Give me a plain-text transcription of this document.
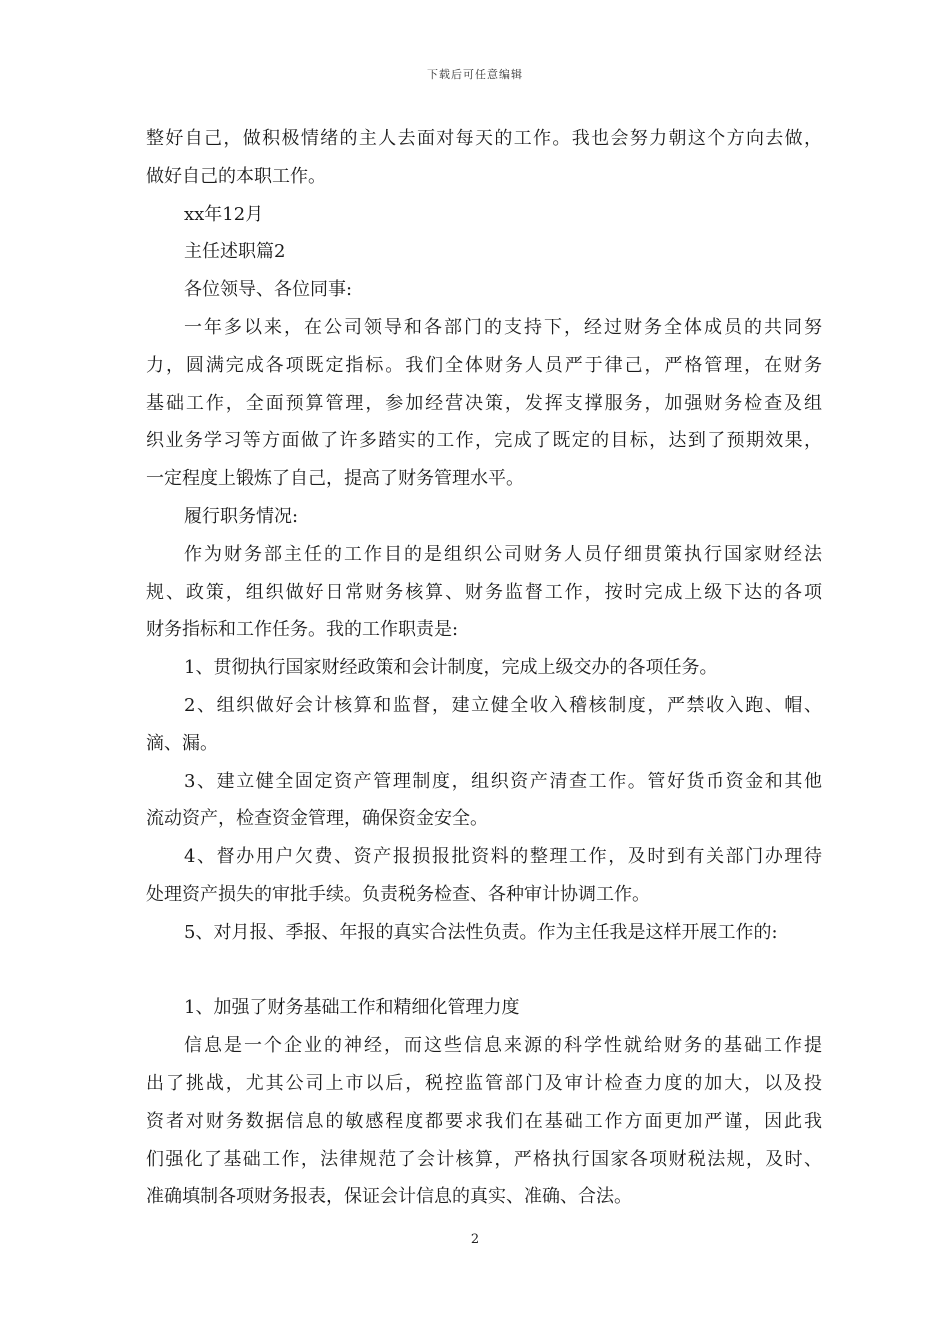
下载后可任意编辑
整好自己，做积极情绪的主人去面对每天的工作。我也会努力朝这个方向去做，
做好自己的本职工作。
xx年12月
主任述职篇2
各位领导、各位同事:
一年多以来，在公司领导和各部门的支持下，经过财务全体成员的共同努
力，圆满完成各项既定指标。我们全体财务人员严于律己，严格管理，在财务
基础工作，全面预算管理，参加经营决策，发挥支撑服务，加强财务检查及组
织业务学习等方面做了许多踏实的工作，完成了既定的目标，达到了预期效果，
一定程度上锻炼了自己，提高了财务管理水平。
履行职务情况:
作为财务部主任的工作目的是组织公司财务人员仔细贯策执行国家财经法
规、政策，组织做好日常财务核算、财务监督工作，按时完成上级下达的各项
财务指标和工作任务。我的工作职责是:
1、贯彻执行国家财经政策和会计制度，完成上级交办的各项任务。
2、组织做好会计核算和监督，建立健全收入稽核制度，严禁收入跑、帽、
滴、漏。
3、建立健全固定资产管理制度，组织资产清查工作。管好货币资金和其他
流动资产，检查资金管理，确保资金安全。
4、督办用户欠费、资产报损报批资料的整理工作，及时到有关部门办理待
处理资产损失的审批手续。负责税务检查、各种审计协调工作。
5、对月报、季报、年报的真实合法性负责。作为主任我是这样开展工作的:
1、加强了财务基础工作和精细化管理力度
信息是一个企业的神经，而这些信息来源的科学性就给财务的基础工作提
出了挑战，尤其公司上市以后，税控监管部门及审计检查力度的加大，以及投
资者对财务数据信息的敏感程度都要求我们在基础工作方面更加严谨，因此我
们强化了基础工作，法律规范了会计核算，严格执行国家各项财税法规，及时、
准确填制各项财务报表，保证会计信息的真实、准确、合法。
2
